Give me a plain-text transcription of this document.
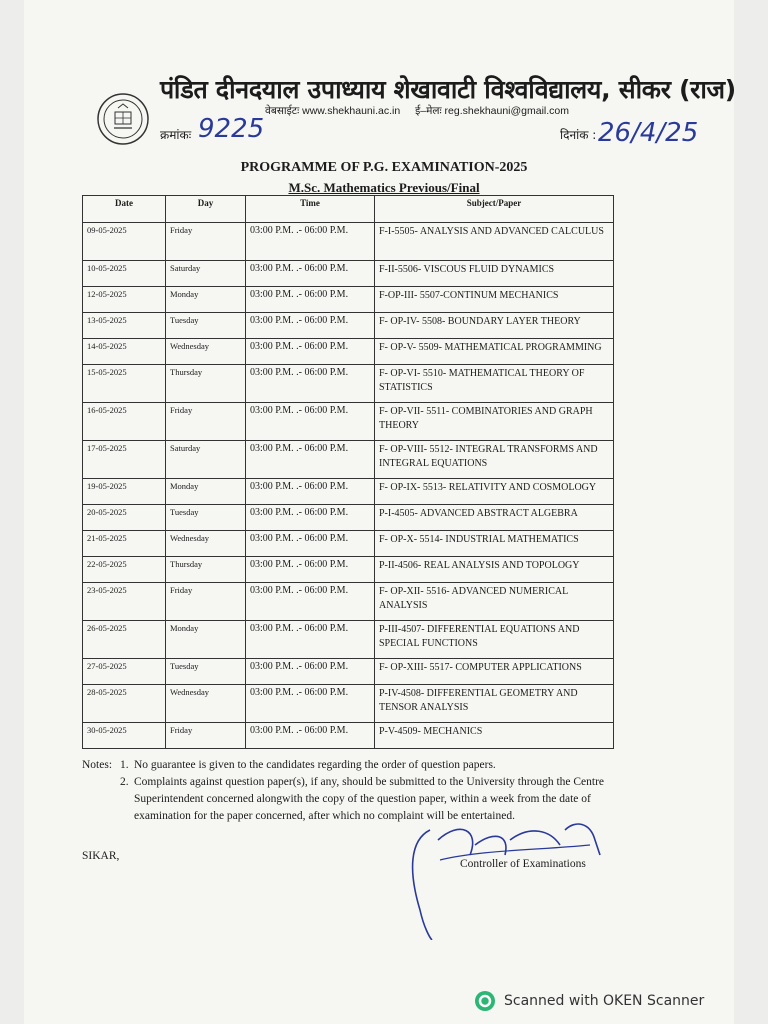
पंडित दीनदयाल उपाध्याय शेखावाटी विश्वविद्यालय, सीकर (राज)
वेबसाईटः www.shekhauni.ac.in ई–मेलः reg.shekhauni@gmail.com
क्रमांकः 9225	दिनांक : 26/4/25
PROGRAMME OF P.G. EXAMINATION-2025
M.Sc. Mathematics Previous/Final
Date	Day	Time	Subject/Paper
09-05-2025	Friday	03:00 P.M. .- 06:00 P.M.	F-I-5505- ANALYSIS AND ADVANCED CALCULUS
10-05-2025	Saturday	03:00 P.M. .- 06:00 P.M.	F-II-5506- VISCOUS FLUID DYNAMICS
12-05-2025	Monday	03:00 P.M. .- 06:00 P.M.	F-OP-III- 5507-CONTINUM MECHANICS
13-05-2025	Tuesday	03:00 P.M. .- 06:00 P.M.	F- OP-IV- 5508- BOUNDARY LAYER THEORY
14-05-2025	Wednesday	03:00 P.M. .- 06:00 P.M.	F- OP-V- 5509- MATHEMATICAL PROGRAMMING
15-05-2025	Thursday	03:00 P.M. .- 06:00 P.M.	F- OP-VI- 5510- MATHEMATICAL THEORY OF STATISTICS
16-05-2025	Friday	03:00 P.M. .- 06:00 P.M.	F- OP-VII- 5511- COMBINATORIES AND GRAPH THEORY
17-05-2025	Saturday	03:00 P.M. .- 06:00 P.M.	F- OP-VIII- 5512- INTEGRAL TRANSFORMS AND INTEGRAL EQUATIONS
19-05-2025	Monday	03:00 P.M. .- 06:00 P.M.	F- OP-IX- 5513- RELATIVITY AND COSMOLOGY
20-05-2025	Tuesday	03:00 P.M. .- 06:00 P.M.	P-I-4505- ADVANCED ABSTRACT ALGEBRA
21-05-2025	Wednesday	03:00 P.M. .- 06:00 P.M.	F- OP-X- 5514- INDUSTRIAL MATHEMATICS
22-05-2025	Thursday	03:00 P.M. .- 06:00 P.M.	P-II-4506- REAL ANALYSIS AND TOPOLOGY
23-05-2025	Friday	03:00 P.M. .- 06:00 P.M.	F- OP-XII- 5516- ADVANCED NUMERICAL ANALYSIS
26-05-2025	Monday	03:00 P.M. .- 06:00 P.M.	P-III-4507- DIFFERENTIAL EQUATIONS AND SPECIAL FUNCTIONS
27-05-2025	Tuesday	03:00 P.M. .- 06:00 P.M.	F- OP-XIII- 5517- COMPUTER APPLICATIONS
28-05-2025	Wednesday	03:00 P.M. .- 06:00 P.M.	P-IV-4508- DIFFERENTIAL GEOMETRY AND TENSOR ANALYSIS
30-05-2025	Friday	03:00 P.M. .- 06:00 P.M.	P-V-4509- MECHANICS
Notes: 1. No guarantee is given to the candidates regarding the order of question papers.
2. Complaints against question paper(s), if any, should be submitted to the University through the Centre Superintendent concerned alongwith the copy of the question paper, within a week from the date of examination for the paper concerned, after which no complaint will be entertained.
SIKAR,
Controller of Examinations
Scanned with OKEN Scanner
